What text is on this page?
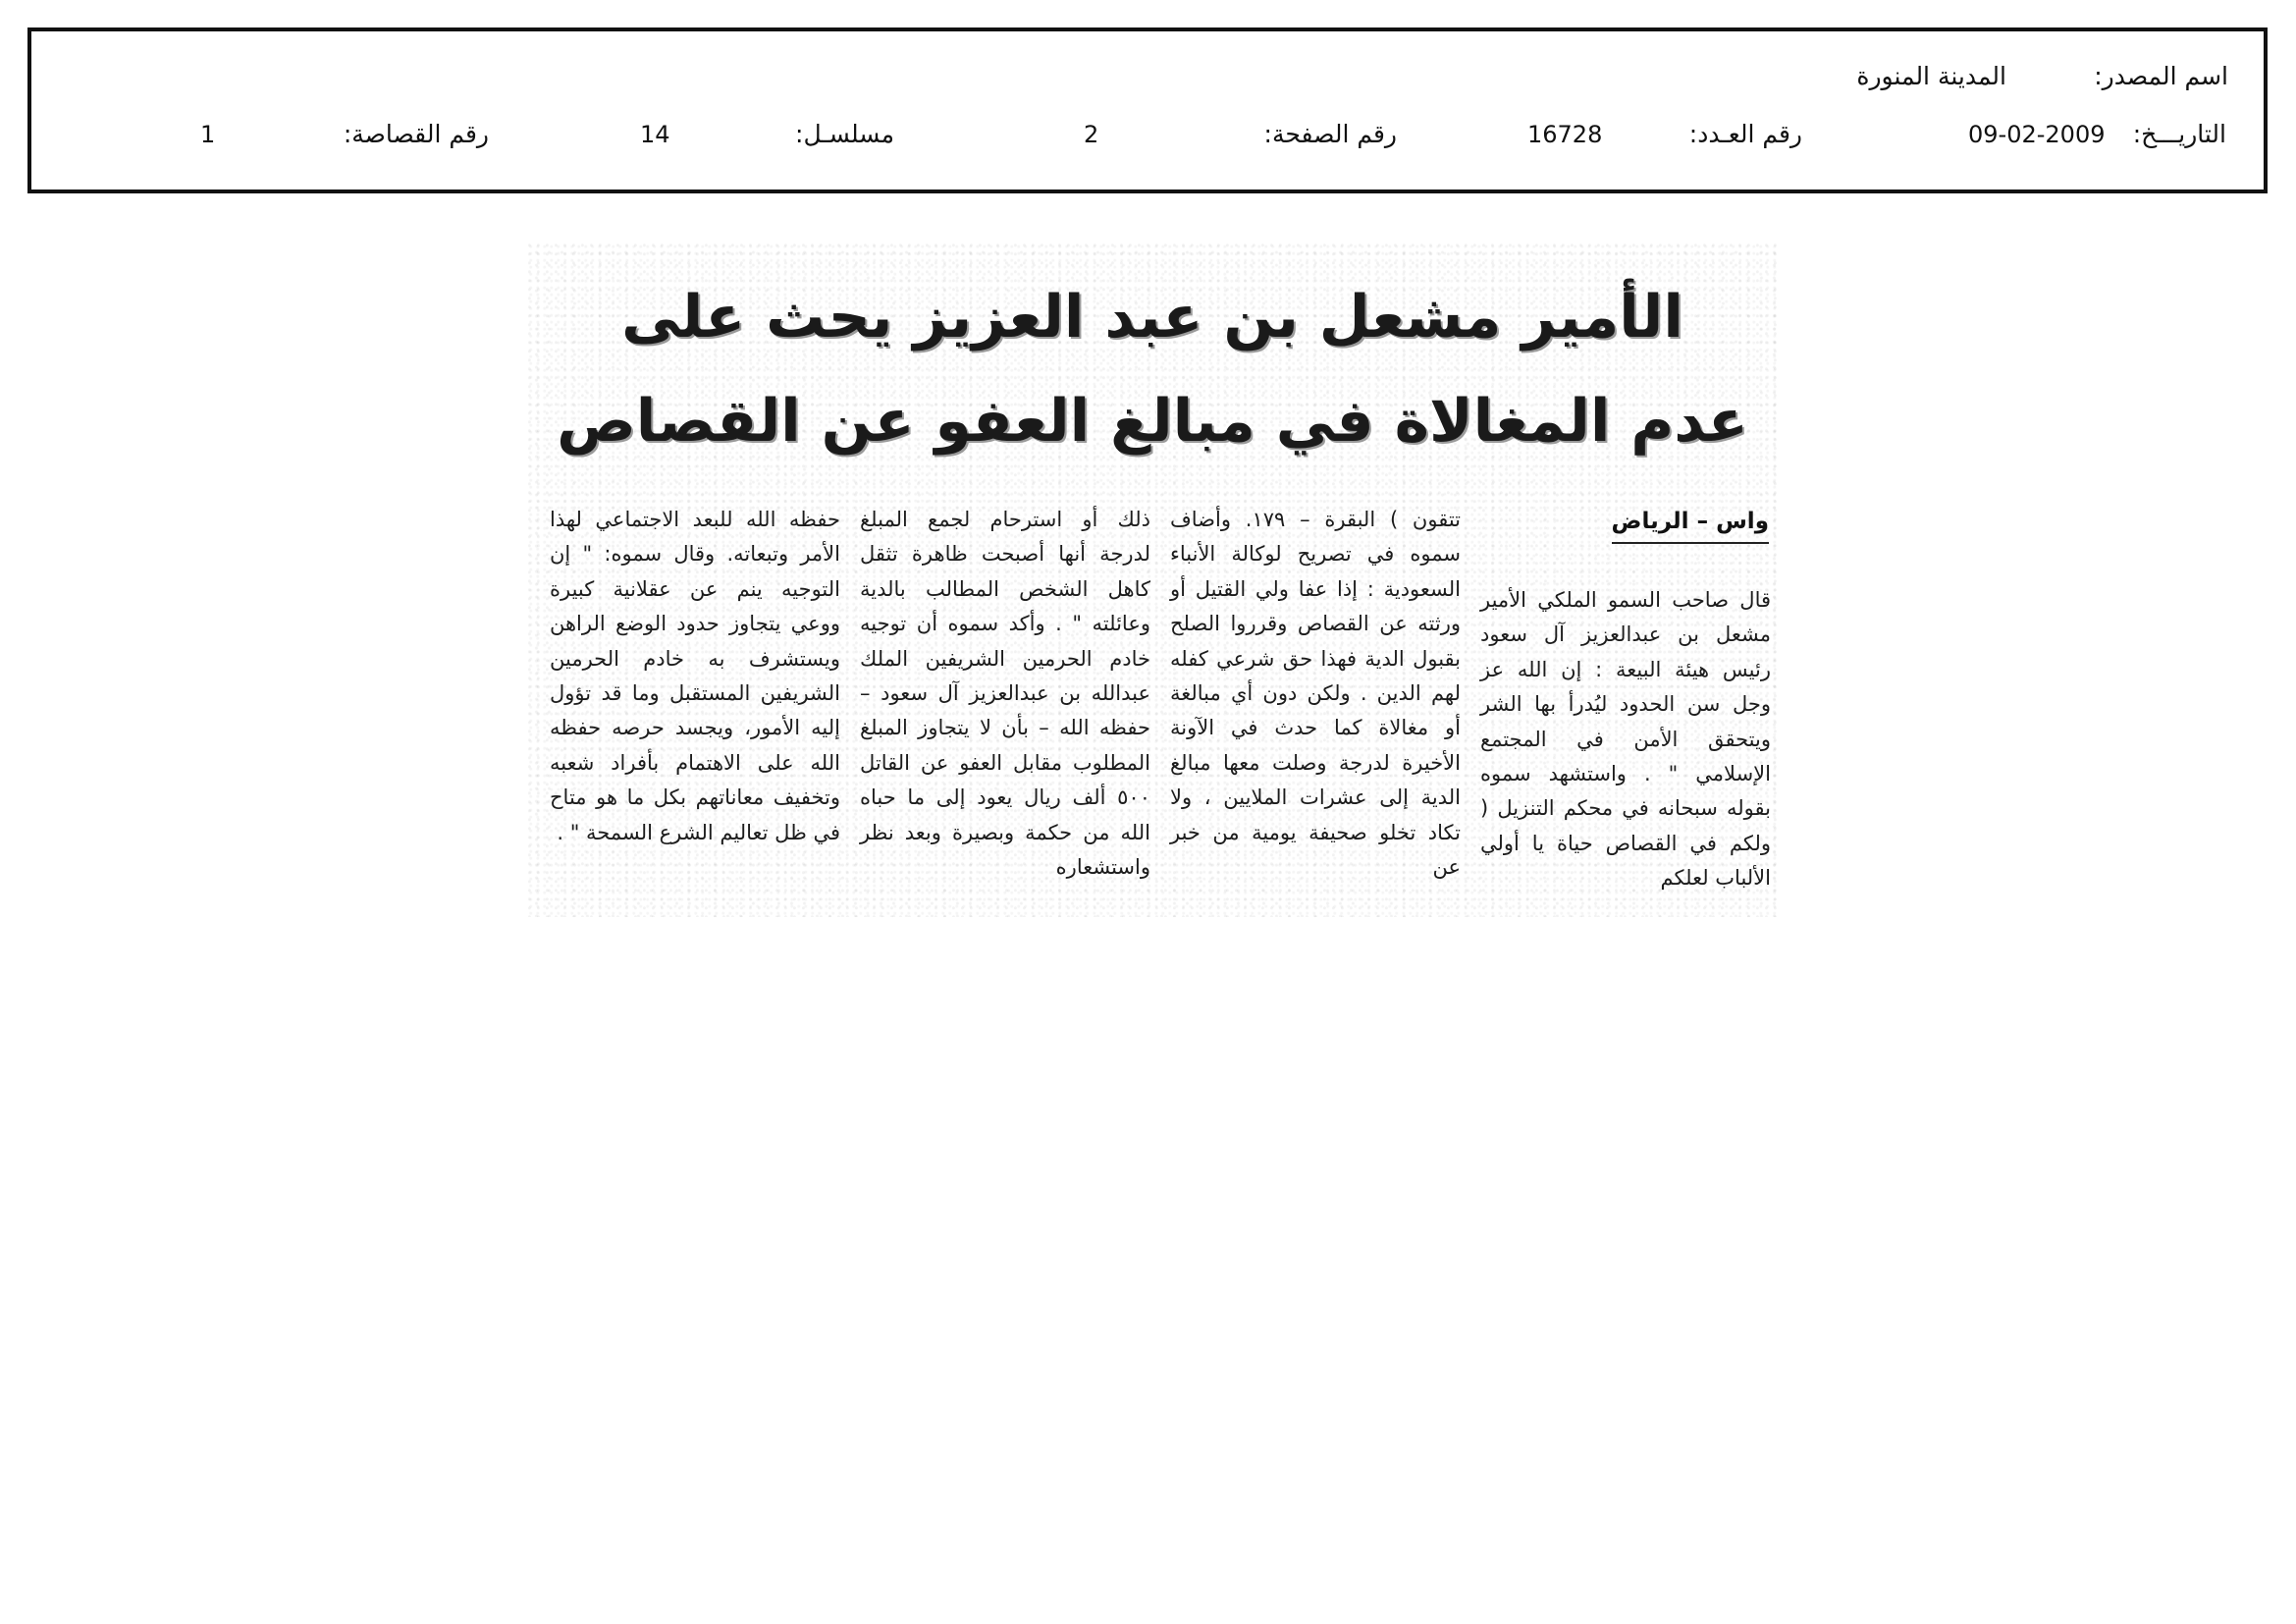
اسم المصدر:
المدينة المنورة
التاريـــخ:
09-02-2009
رقم العـدد:
16728
رقم الصفحة:
2
مسلسـل:
14
رقم القصاصة:
1
الأمير مشعل بن عبد العزيز يحث على
عدم المغالاة في مبالغ العفو عن القصاص
واس – الرياض
قال صاحب السمو الملكي الأمير مشعل بن عبدالعزيز آل سعود رئيس هيئة البيعة : إن الله عز وجل سن الحدود ليُدرأ بها الشر ويتحقق الأمن في المجتمع الإسلامي " . واستشهد سموه بقوله سبحانه في محكم التنزيل ( ولكم في القصاص حياة يا أولي الألباب لعلكم
تتقون ) البقرة – ١٧٩. وأضاف سموه في تصريح لوكالة الأنباء السعودية : إذا عفا ولي القتيل أو ورثته عن القصاص وقرروا الصلح بقبول الدية فهذا حق شرعي كفله لهم الدين . ولكن دون أي مبالغة أو مغالاة كما حدث في الآونة الأخيرة لدرجة وصلت معها مبالغ الدية إلى عشرات الملايين ، ولا تكاد تخلو صحيفة يومية من خبر عن
ذلك أو استرحام لجمع المبلغ لدرجة أنها أصبحت ظاهرة تثقل كاهل الشخص المطالب بالدية وعائلته " . وأكد سموه أن توجيه خادم الحرمين الشريفين الملك عبدالله بن عبدالعزيز آل سعود – حفظه الله – بأن لا يتجاوز المبلغ المطلوب مقابل العفو عن القاتل ٥٠٠ ألف ريال يعود إلى ما حباه الله من حكمة وبصيرة وبعد نظر واستشعاره
حفظه الله للبعد الاجتماعي لهذا الأمر وتبعاته. وقال سموه: " إن التوجيه ينم عن عقلانية كبيرة ووعي يتجاوز حدود الوضع الراهن ويستشرف به خادم الحرمين الشريفين المستقبل وما قد تؤول إليه الأمور، ويجسد حرصه حفظه الله على الاهتمام بأفراد شعبه وتخفيف معاناتهم بكل ما هو متاح في ظل تعاليم الشرع السمحة " .
